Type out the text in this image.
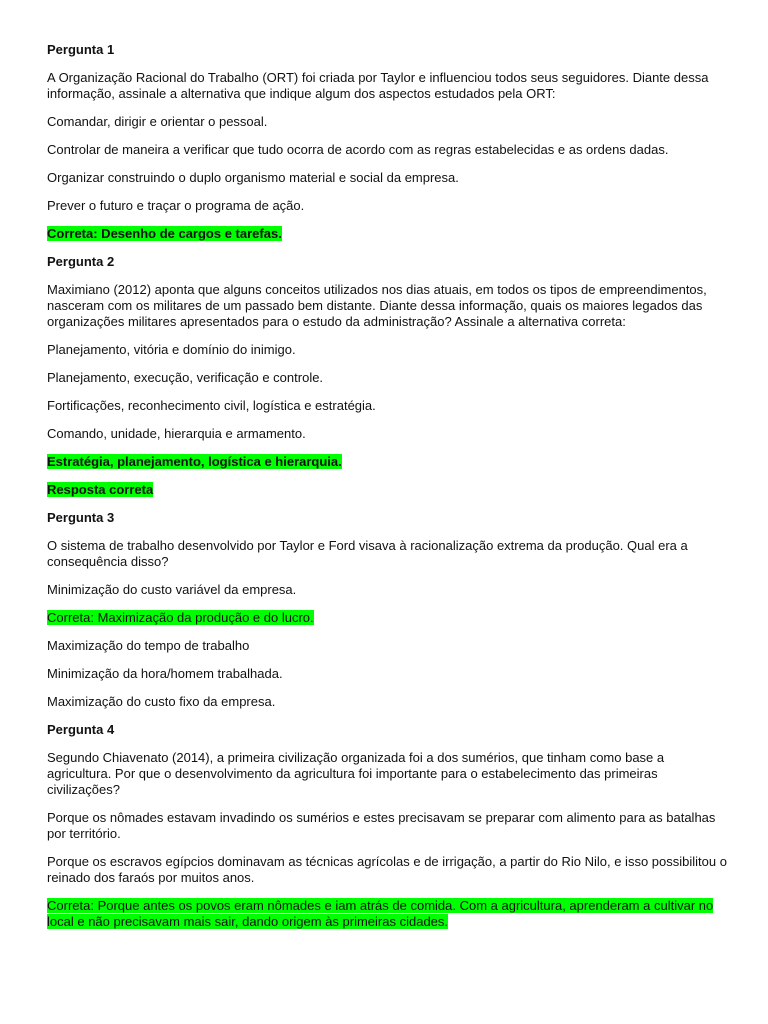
Pergunta 1
A Organização Racional do Trabalho (ORT) foi criada por Taylor e influenciou todos seus seguidores. Diante dessa informação, assinale a alternativa que indique algum dos aspectos estudados pela ORT:
Comandar, dirigir e orientar o pessoal.
Controlar de maneira a verificar que tudo ocorra de acordo com as regras estabelecidas e as ordens dadas.
Organizar construindo o duplo organismo material e social da empresa.
Prever o futuro e traçar o programa de ação.
Correta: Desenho de cargos e tarefas.
Pergunta 2
Maximiano (2012) aponta que alguns conceitos utilizados nos dias atuais, em todos os tipos de empreendimentos, nasceram com os militares de um passado bem distante. Diante dessa informação, quais os maiores legados das organizações militares apresentados para o estudo da administração? Assinale a alternativa correta:
Planejamento, vitória e domínio do inimigo.
Planejamento, execução, verificação e controle.
Fortificações, reconhecimento civil, logística e estratégia.
Comando, unidade, hierarquia e armamento.
Estratégia, planejamento, logística e hierarquia.
Resposta correta
Pergunta 3
O sistema de trabalho desenvolvido por Taylor e Ford visava à racionalização extrema da produção. Qual era a consequência disso?
Minimização do custo variável da empresa.
Correta: Maximização da produção e do lucro.
Maximização do tempo de trabalho
Minimização da hora/homem trabalhada.
Maximização do custo fixo da empresa.
Pergunta 4
Segundo Chiavenato (2014), a primeira civilização organizada foi a dos sumérios, que tinham como base a agricultura. Por que o desenvolvimento da agricultura foi importante para o estabelecimento das primeiras civilizações?
Porque os nômades estavam invadindo os sumérios e estes precisavam se preparar com alimento para as batalhas por território.
Porque os escravos egípcios dominavam as técnicas agrícolas e de irrigação, a partir do Rio Nilo, e isso possibilitou o reinado dos faraós por muitos anos.
Correta: Porque antes os povos eram nômades e iam atrás de comida. Com a agricultura, aprenderam a cultivar no local e não precisavam mais sair, dando origem às primeiras cidades.
